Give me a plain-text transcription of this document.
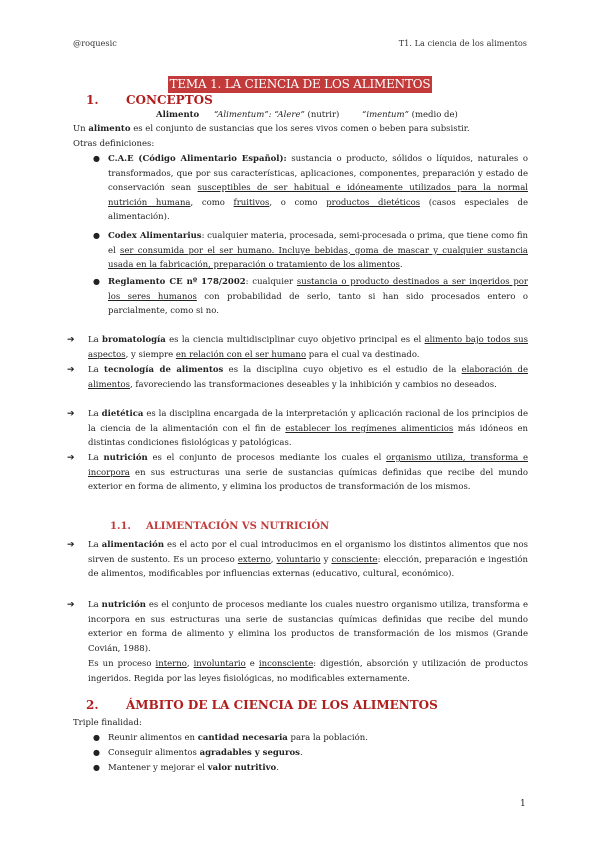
@roquesic	T1. La ciencia de los alimentos
TEMA 1. LA CIENCIA DE LOS ALIMENTOS
1. CONCEPTOS
Alimento “Alimentum”: “Alere” (nutrir)	“imentum” (medio de)
Un alimento es el conjunto de sustancias que los seres vivos comen o beben para subsistir.
Otras definiciones:
● C.A.E (Código Alimentario Español): sustancia o producto, sólidos o líquidos, naturales o transformados, que por sus características, aplicaciones, componentes, preparación y estado de conservación sean susceptibles de ser habitual e idóneamente utilizados para la normal nutrición humana, como fruitivos, o como productos dietéticos (casos especiales de alimentación).
● Codex Alimentarius: cualquier materia, procesada, semi-procesada o prima, que tiene como fin el ser consumida por el ser humano. Incluye bebidas, goma de mascar y cualquier sustancia usada en la fabricación, preparación o tratamiento de los alimentos.
● Reglamento CE nº 178/2002: cualquier sustancia o producto destinados a ser ingeridos por los seres humanos con probabilidad de serlo, tanto si han sido procesados entero o parcialmente, como si no.
➔ La bromatología es la ciencia multidisciplinar cuyo objetivo principal es el alimento bajo todos sus aspectos, y siempre en relación con el ser humano para el cual va destinado.
➔ La tecnología de alimentos es la disciplina cuyo objetivo es el estudio de la elaboración de alimentos, favoreciendo las transformaciones deseables y la inhibición y cambios no deseados.
➔ La dietética es la disciplina encargada de la interpretación y aplicación racional de los principios de la ciencia de la alimentación con el fin de establecer los regímenes alimenticios más idóneos en distintas condiciones fisiológicas y patológicas.
➔ La nutrición es el conjunto de procesos mediante los cuales el organismo utiliza, transforma e incorpora en sus estructuras una serie de sustancias químicas definidas que recibe del mundo exterior en forma de alimento, y elimina los productos de transformación de los mismos.
1.1. ALIMENTACIÓN VS NUTRICIÓN
➔ La alimentación es el acto por el cual introducimos en el organismo los distintos alimentos que nos sirven de sustento. Es un proceso externo, voluntario y consciente: elección, preparación e ingestión de alimentos, modificables por influencias externas (educativo, cultural, económico).
➔ La nutrición es el conjunto de procesos mediante los cuales nuestro organismo utiliza, transforma e incorpora en sus estructuras una serie de sustancias químicas definidas que recibe del mundo exterior en forma de alimento y elimina los productos de transformación de los mismos (Grande Covián, 1988).
Es un proceso interno, involuntario e inconsciente: digestión, absorción y utilización de productos ingeridos. Regida por las leyes fisiológicas, no modificables externamente.
2. ÁMBITO DE LA CIENCIA DE LOS ALIMENTOS
Triple finalidad:
● Reunir alimentos en cantidad necesaria para la población.
● Conseguir alimentos agradables y seguros.
● Mantener y mejorar el valor nutritivo.
1
